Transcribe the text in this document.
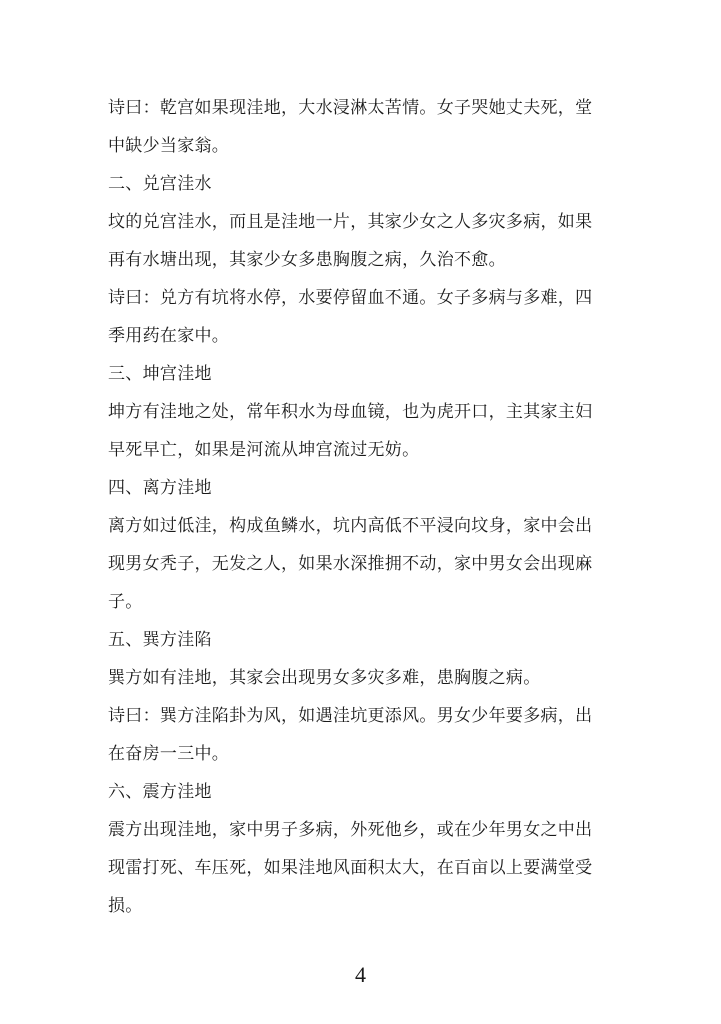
诗曰：乾宫如果现洼地，大水浸淋太苦情。女子哭她丈夫死，堂
中缺少当家翁。
二、兑宫洼水
坟的兑宫洼水，而且是洼地一片，其家少女之人多灾多病，如果
再有水塘出现，其家少女多患胸腹之病，久治不愈。
诗曰：兑方有坑将水停，水要停留血不通。女子多病与多难，四
季用药在家中。
三、坤宫洼地
坤方有洼地之处，常年积水为母血镜，也为虎开口，主其家主妇
早死早亡，如果是河流从坤宫流过无妨。
四、离方洼地
离方如过低洼，构成鱼鳞水，坑内高低不平浸向坟身，家中会出
现男女秃子，无发之人，如果水深推拥不动，家中男女会出现麻
子。
五、巽方洼陷
巽方如有洼地，其家会出现男女多灾多难，患胸腹之病。
诗曰：巽方洼陷卦为风，如遇洼坑更添风。男女少年要多病，出
在奋房一三中。
六、震方洼地
震方出现洼地，家中男子多病，外死他乡，或在少年男女之中出
现雷打死、车压死，如果洼地风面积太大，在百亩以上要满堂受
损。
4
